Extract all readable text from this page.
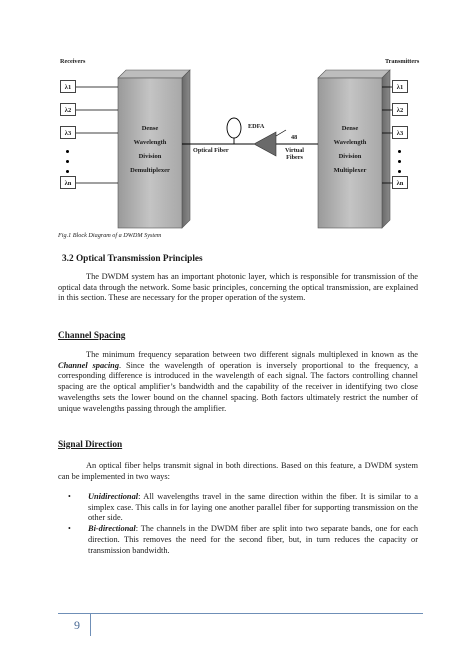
Receivers	Transmitters
λ1
λ2
λ3
λn
λ1
λ2
λ3
λn
Dense
Wavelength
Division
Demultiplexer
Dense
Wavelength
Division
Multiplexer
EDFA
Optical Fiber
48
Virtual
Fibers
Fig.1 Block Diagram of a DWDM System
3.2 Optical Transmission Principles
The DWDM system has an important photonic layer, which is responsible for transmission of the optical data through the network. Some basic principles, concerning the optical transmission, are explained in this section. These are necessary for the proper operation of the system.
Channel Spacing
The minimum frequency separation between two different signals multiplexed in known as the Channel spacing. Since the wavelength of operation is inversely proportional to the frequency, a corresponding difference is introduced in the wavelength of each signal. The factors controlling channel spacing are the optical amplifier’s bandwidth and the capability of the receiver in identifying two close wavelengths sets the lower bound on the channel spacing. Both factors ultimately restrict the number of unique wavelengths passing through the amplifier.
Signal Direction
An optical fiber helps transmit signal in both directions. Based on this feature, a DWDM system can be implemented in two ways:
• Unidirectional: All wavelengths travel in the same direction within the fiber. It is similar to a simplex case. This calls in for laying one another parallel fiber for supporting transmission on the other side.
• Bi-directional: The channels in the DWDM fiber are split into two separate bands, one for each direction. This removes the need for the second fiber, but, in turn reduces the capacity or transmission bandwidth.
9
